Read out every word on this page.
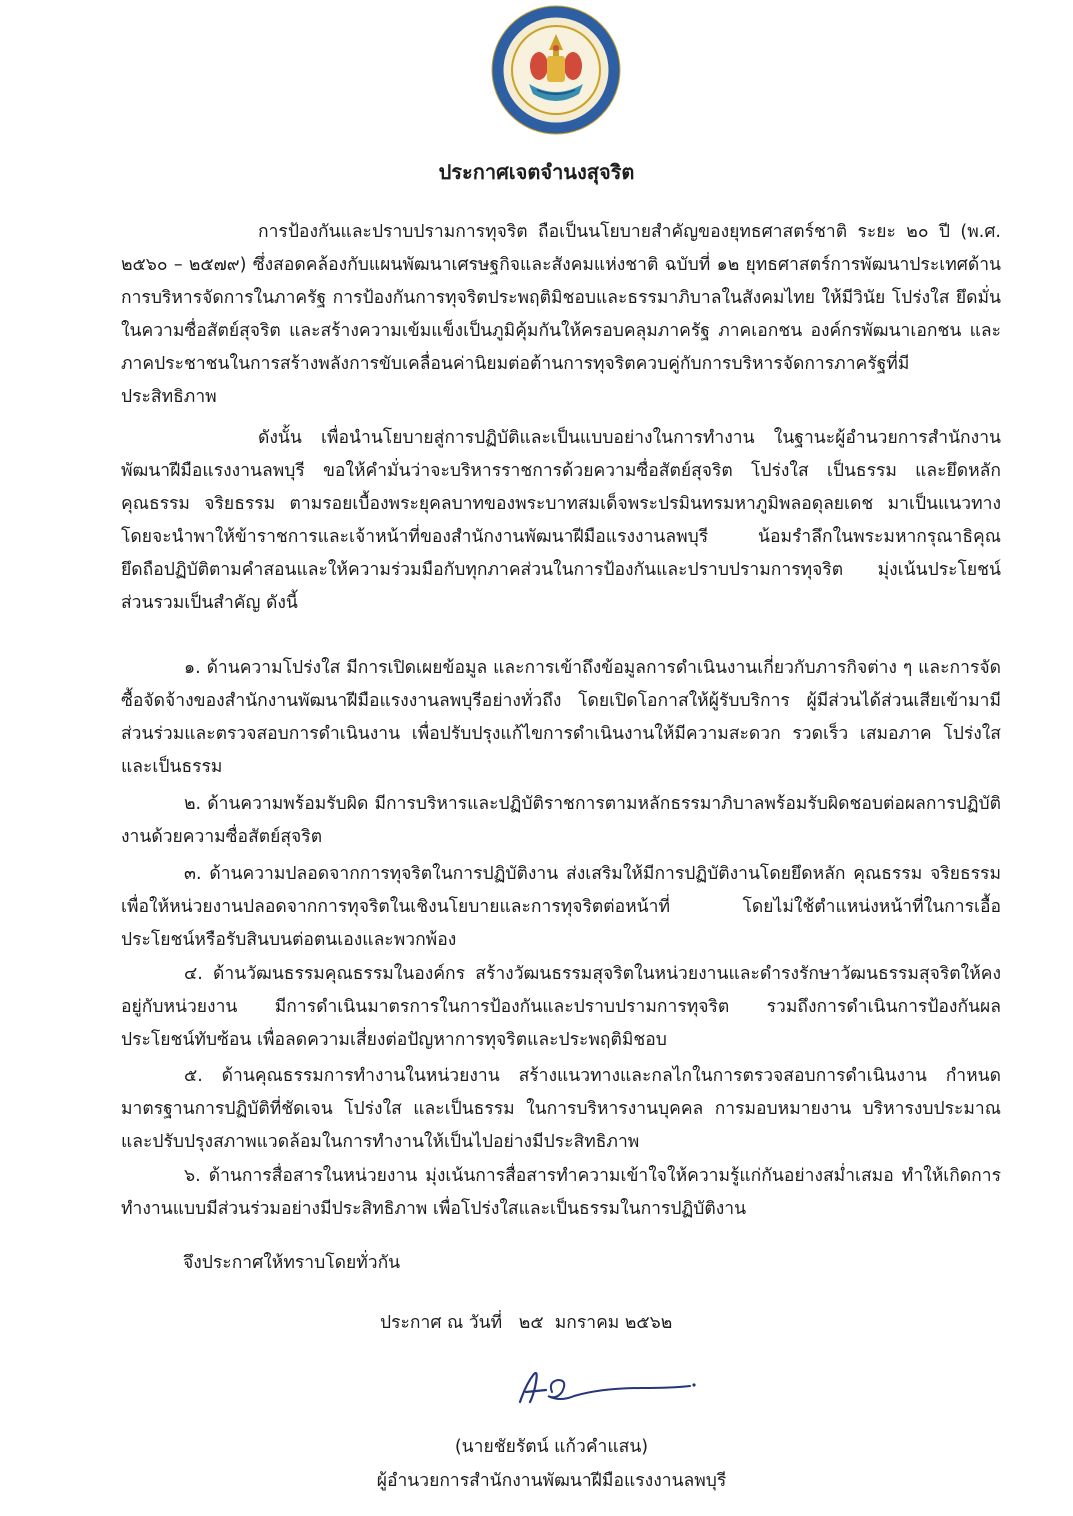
ประกาศเจตจำนงสุจริต

การป้องกันและปราบปรามการทุจริต ถือเป็นนโยบายสำคัญของยุทธศาสตร์ชาติ ระยะ ๒๐ ปี (พ.ศ. ๒๕๖๐ – ๒๕๗๙) ซึ่งสอดคล้องกับแผนพัฒนาเศรษฐกิจและสังคมแห่งชาติ ฉบับที่ ๑๒ ยุทธศาสตร์การพัฒนาประเทศด้านการบริหารจัดการในภาครัฐ การป้องกันการทุจริตประพฤติมิชอบและธรรมาภิบาลในสังคมไทย ให้มีวินัย โปร่งใส ยึดมั่นในความซื่อสัตย์สุจริต และสร้างความเข้มแข็งเป็นภูมิคุ้มกันให้ครอบคลุมภาครัฐ ภาคเอกชน องค์กรพัฒนาเอกชน และภาคประชาชนในการสร้างพลังการขับเคลื่อนค่านิยมต่อต้านการทุจริตควบคู่กับการบริหารจัดการภาครัฐที่มีประสิทธิภาพ

ดังนั้น เพื่อนำนโยบายสู่การปฏิบัติและเป็นแบบอย่างในการทำงาน ในฐานะผู้อำนวยการสำนักงานพัฒนาฝีมือแรงงานลพบุรี ขอให้คำมั่นว่าจะบริหารราชการด้วยความซื่อสัตย์สุจริต โปร่งใส เป็นธรรม และยึดหลักคุณธรรม จริยธรรม ตามรอยเบื้องพระยุคลบาทของพระบาทสมเด็จพระปรมินทรมหาภูมิพลอดุลยเดช มาเป็นแนวทาง โดยจะนำพาให้ข้าราชการและเจ้าหน้าที่ของสำนักงานพัฒนาฝีมือแรงงานลพบุรี น้อมรำลึกในพระมหากรุณาธิคุณ ยึดถือปฏิบัติตามคำสอนและให้ความร่วมมือกับทุกภาคส่วนในการป้องกันและปราบปรามการทุจริต มุ่งเน้นประโยชน์ส่วนรวมเป็นสำคัญ ดังนี้

๑. ด้านความโปร่งใส มีการเปิดเผยข้อมูล และการเข้าถึงข้อมูลการดำเนินงานเกี่ยวกับภารกิจต่าง ๆ และการจัดซื้อจัดจ้างของสำนักงานพัฒนาฝีมือแรงงานลพบุรีอย่างทั่วถึง โดยเปิดโอกาสให้ผู้รับบริการ ผู้มีส่วนได้ส่วนเสียเข้ามามีส่วนร่วมและตรวจสอบการดำเนินงาน เพื่อปรับปรุงแก้ไขการดำเนินงานให้มีความสะดวก รวดเร็ว เสมอภาค โปร่งใส และเป็นธรรม

๒. ด้านความพร้อมรับผิด มีการบริหารและปฏิบัติราชการตามหลักธรรมาภิบาลพร้อมรับผิดชอบต่อผลการปฏิบัติงานด้วยความซื่อสัตย์สุจริต

๓. ด้านความปลอดจากการทุจริตในการปฏิบัติงาน ส่งเสริมให้มีการปฏิบัติงานโดยยึดหลัก คุณธรรม จริยธรรม เพื่อให้หน่วยงานปลอดจากการทุจริตในเชิงนโยบายและการทุจริตต่อหน้าที่ โดยไม่ใช้ตำแหน่งหน้าที่ในการเอื้อประโยชน์หรือรับสินบนต่อตนเองและพวกพ้อง

๔. ด้านวัฒนธรรมคุณธรรมในองค์กร สร้างวัฒนธรรมสุจริตในหน่วยงานและดำรงรักษาวัฒนธรรมสุจริตให้คงอยู่กับหน่วยงาน มีการดำเนินมาตรการในการป้องกันและปราบปรามการทุจริต รวมถึงการดำเนินการป้องกันผลประโยชน์ทับซ้อน เพื่อลดความเสี่ยงต่อปัญหาการทุจริตและประพฤติมิชอบ

๕. ด้านคุณธรรมการทำงานในหน่วยงาน สร้างแนวทางและกลไกในการตรวจสอบการดำเนินงาน กำหนดมาตรฐานการปฏิบัติที่ชัดเจน โปร่งใส และเป็นธรรม ในการบริหารงานบุคคล การมอบหมายงาน บริหารงบประมาณ และปรับปรุงสภาพแวดล้อมในการทำงานให้เป็นไปอย่างมีประสิทธิภาพ

๖. ด้านการสื่อสารในหน่วยงาน มุ่งเน้นการสื่อสารทำความเข้าใจให้ความรู้แก่กันอย่างสม่ำเสมอ ทำให้เกิดการทำงานแบบมีส่วนร่วมอย่างมีประสิทธิภาพ เพื่อโปร่งใสและเป็นธรรมในการปฏิบัติงาน

จึงประกาศให้ทราบโดยทั่วกัน

ประกาศ ณ วันที่   ๒๕  มกราคม ๒๕๖๒

(นายชัยรัตน์ แก้วคำแสน)

ผู้อำนวยการสำนักงานพัฒนาฝีมือแรงงานลพบุรี
